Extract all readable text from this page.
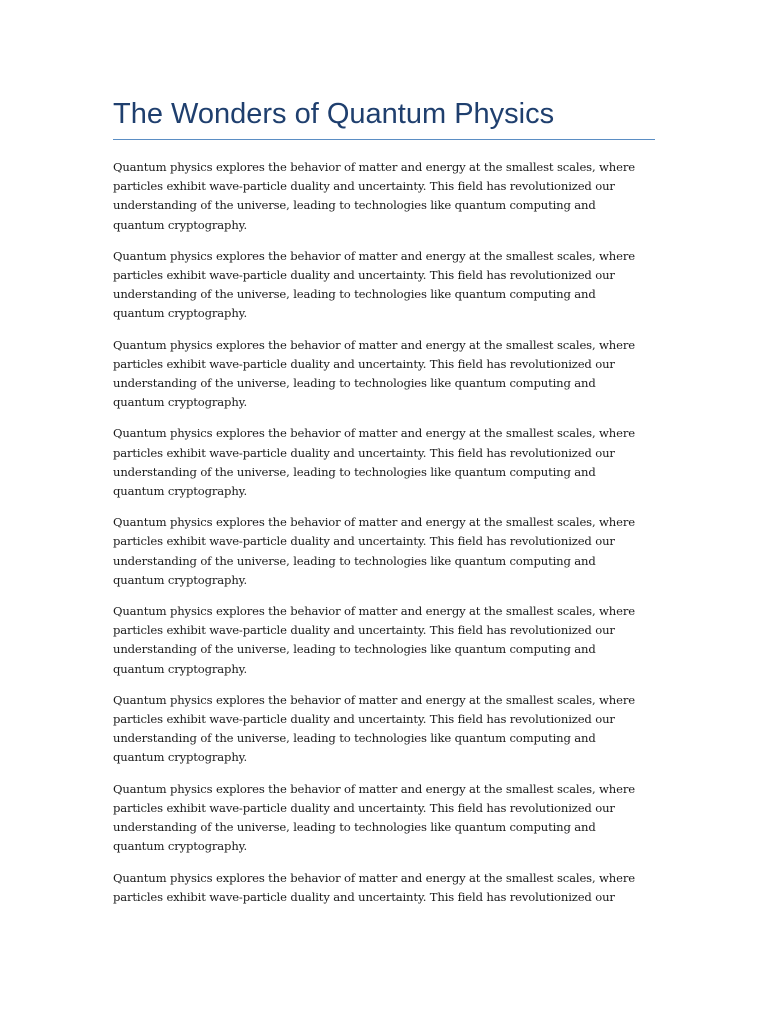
The Wonders of Quantum Physics

Quantum physics explores the behavior of matter and energy at the smallest scales, where
particles exhibit wave-particle duality and uncertainty. This field has revolutionized our
understanding of the universe, leading to technologies like quantum computing and
quantum cryptography.

Quantum physics explores the behavior of matter and energy at the smallest scales, where
particles exhibit wave-particle duality and uncertainty. This field has revolutionized our
understanding of the universe, leading to technologies like quantum computing and
quantum cryptography.

Quantum physics explores the behavior of matter and energy at the smallest scales, where
particles exhibit wave-particle duality and uncertainty. This field has revolutionized our
understanding of the universe, leading to technologies like quantum computing and
quantum cryptography.

Quantum physics explores the behavior of matter and energy at the smallest scales, where
particles exhibit wave-particle duality and uncertainty. This field has revolutionized our
understanding of the universe, leading to technologies like quantum computing and
quantum cryptography.

Quantum physics explores the behavior of matter and energy at the smallest scales, where
particles exhibit wave-particle duality and uncertainty. This field has revolutionized our
understanding of the universe, leading to technologies like quantum computing and
quantum cryptography.

Quantum physics explores the behavior of matter and energy at the smallest scales, where
particles exhibit wave-particle duality and uncertainty. This field has revolutionized our
understanding of the universe, leading to technologies like quantum computing and
quantum cryptography.

Quantum physics explores the behavior of matter and energy at the smallest scales, where
particles exhibit wave-particle duality and uncertainty. This field has revolutionized our
understanding of the universe, leading to technologies like quantum computing and
quantum cryptography.

Quantum physics explores the behavior of matter and energy at the smallest scales, where
particles exhibit wave-particle duality and uncertainty. This field has revolutionized our
understanding of the universe, leading to technologies like quantum computing and
quantum cryptography.

Quantum physics explores the behavior of matter and energy at the smallest scales, where
particles exhibit wave-particle duality and uncertainty. This field has revolutionized our
